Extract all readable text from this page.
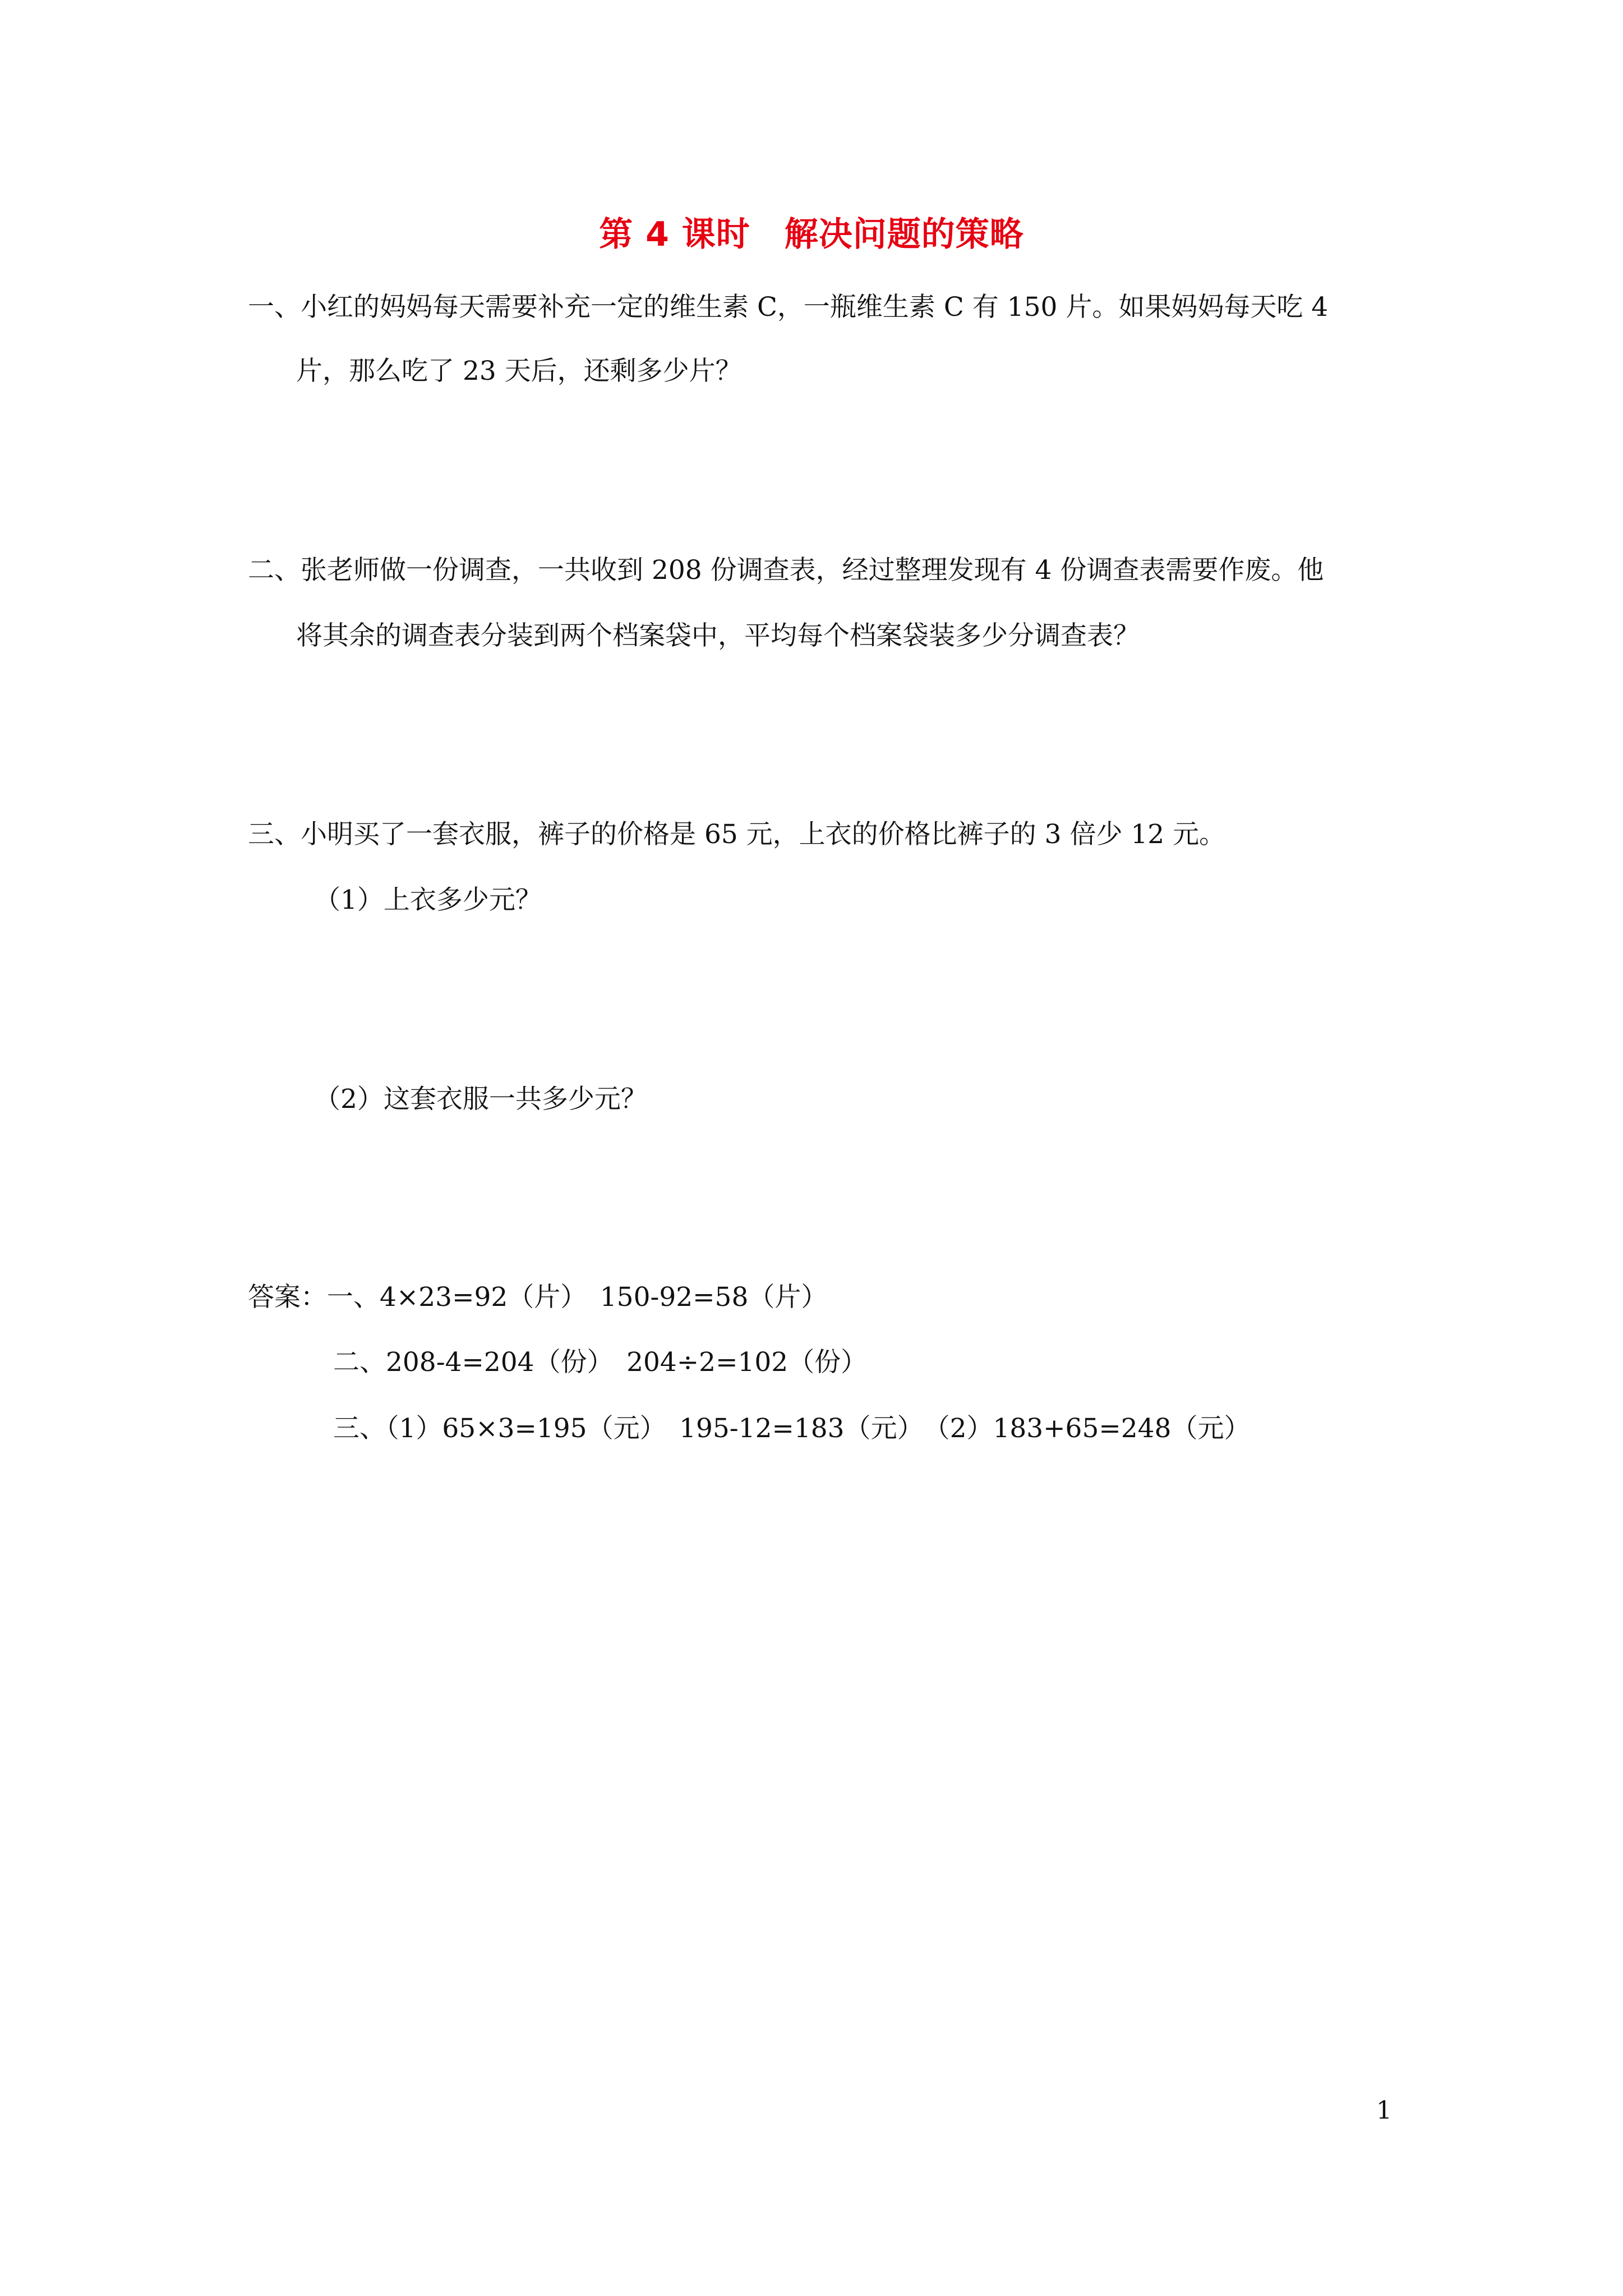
第 4 课时　解决问题的策略
一、小红的妈妈每天需要补充一定的维生素 C，一瓶维生素 C 有 150 片。如果妈妈每天吃 4
片，那么吃了 23 天后，还剩多少片？
二、张老师做一份调查，一共收到 208 份调查表，经过整理发现有 4 份调查表需要作废。他
将其余的调查表分装到两个档案袋中，平均每个档案袋装多少分调查表？
三、小明买了一套衣服，裤子的价格是 65 元，上衣的价格比裤子的 3 倍少 12 元。
（1）上衣多少元？
（2）这套衣服一共多少元？
答案：一、4×23=92（片）　150-92=58（片）
二、208-4=204（份）　204÷2=102（份）
三、（1）65×3=195（元）　195-12=183（元）　（2）183+65=248（元）
1
